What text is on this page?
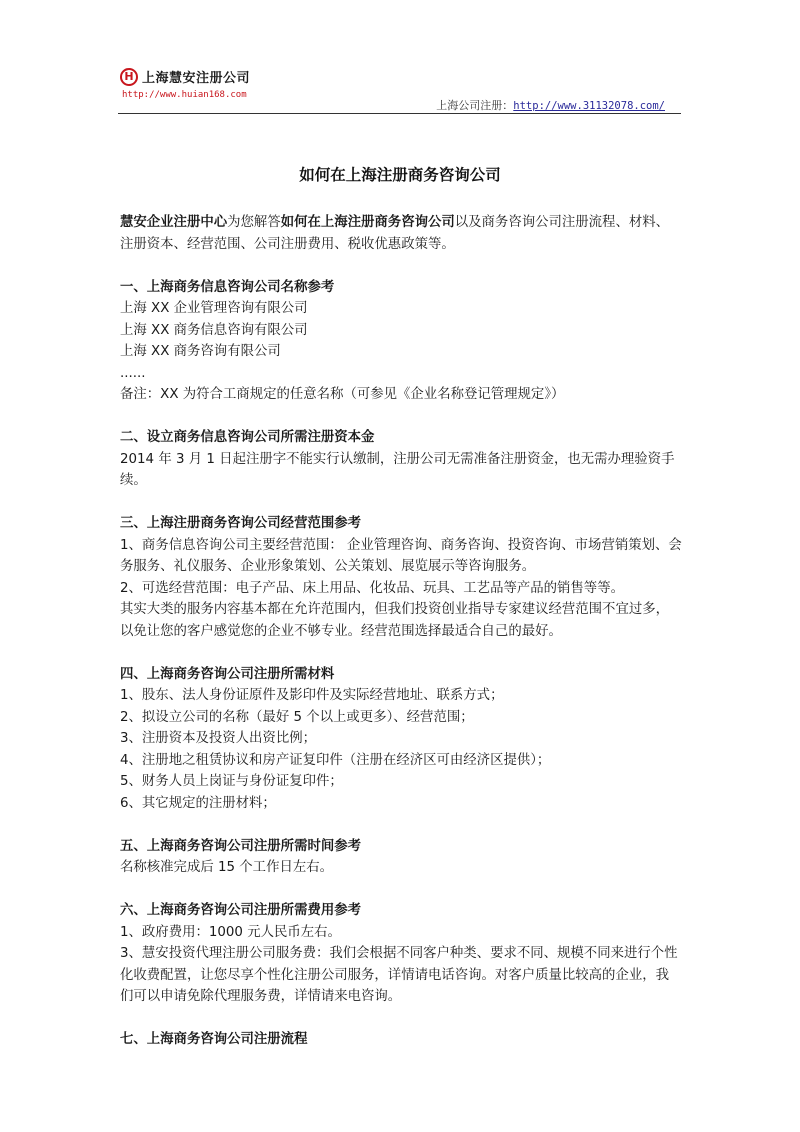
H 上海慧安注册公司
http://www.huian168.com
上海公司注册：http://www.31132078.com/
如何在上海注册商务咨询公司

慧安企业注册中心为您解答如何在上海注册商务咨询公司以及商务咨询公司注册流程、材料、注册资本、经营范围、公司注册费用、税收优惠政策等。

一、上海商务信息咨询公司名称参考

上海 XX 企业管理咨询有限公司

上海 XX 商务信息咨询有限公司

上海 XX 商务咨询有限公司

......

备注：XX 为符合工商规定的任意名称（可参见《企业名称登记管理规定》）

二、设立商务信息咨询公司所需注册资本金

2014 年 3 月 1 日起注册字不能实行认缴制，注册公司无需准备注册资金，也无需办理验资手续。

三、上海注册商务咨询公司经营范围参考

1、商务信息咨询公司主要经营范围： 企业管理咨询、商务咨询、投资咨询、市场营销策划、会务服务、礼仪服务、企业形象策划、公关策划、展览展示等咨询服务。

2、可选经营范围：电子产品、床上用品、化妆品、玩具、工艺品等产品的销售等等。

其实大类的服务内容基本都在允许范围内，但我们投资创业指导专家建议经营范围不宜过多，以免让您的客户感觉您的企业不够专业。经营范围选择最适合自己的最好。

四、上海商务咨询公司注册所需材料

1、股东、法人身份证原件及影印件及实际经营地址、联系方式；

2、拟设立公司的名称（最好 5 个以上或更多）、经营范围；

3、注册资本及投资人出资比例；

4、注册地之租赁协议和房产证复印件（注册在经济区可由经济区提供）；

5、财务人员上岗证与身份证复印件；

6、其它规定的注册材料；

五、上海商务咨询公司注册所需时间参考

名称核准完成后 15 个工作日左右。

六、上海商务咨询公司注册所需费用参考

1、政府费用：1000 元人民币左右。

3、慧安投资代理注册公司服务费：我们会根据不同客户种类、要求不同、规模不同来进行个性化收费配置，让您尽享个性化注册公司服务，详情请电话咨询。对客户质量比较高的企业，我们可以申请免除代理服务费，详情请来电咨询。

七、上海商务咨询公司注册流程
